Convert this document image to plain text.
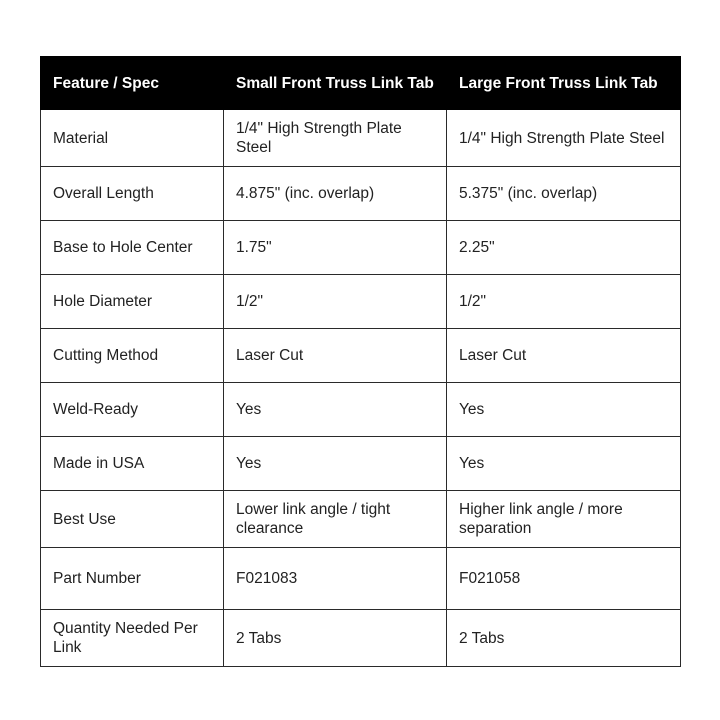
Feature / Spec	Small Front Truss Link Tab	Large Front Truss Link Tab
Material	1/4" High Strength Plate Steel	1/4" High Strength Plate Steel
Overall Length	4.875" (inc. overlap)	5.375" (inc. overlap)
Base to Hole Center	1.75"	2.25"
Hole Diameter	1/2"	1/2"
Cutting Method	Laser Cut	Laser Cut
Weld-Ready	Yes	Yes
Made in USA	Yes	Yes
Best Use	Lower link angle / tight clearance	Higher link angle / more separation
Part Number	F021083	F021058
Quantity Needed Per Link	2 Tabs	2 Tabs
